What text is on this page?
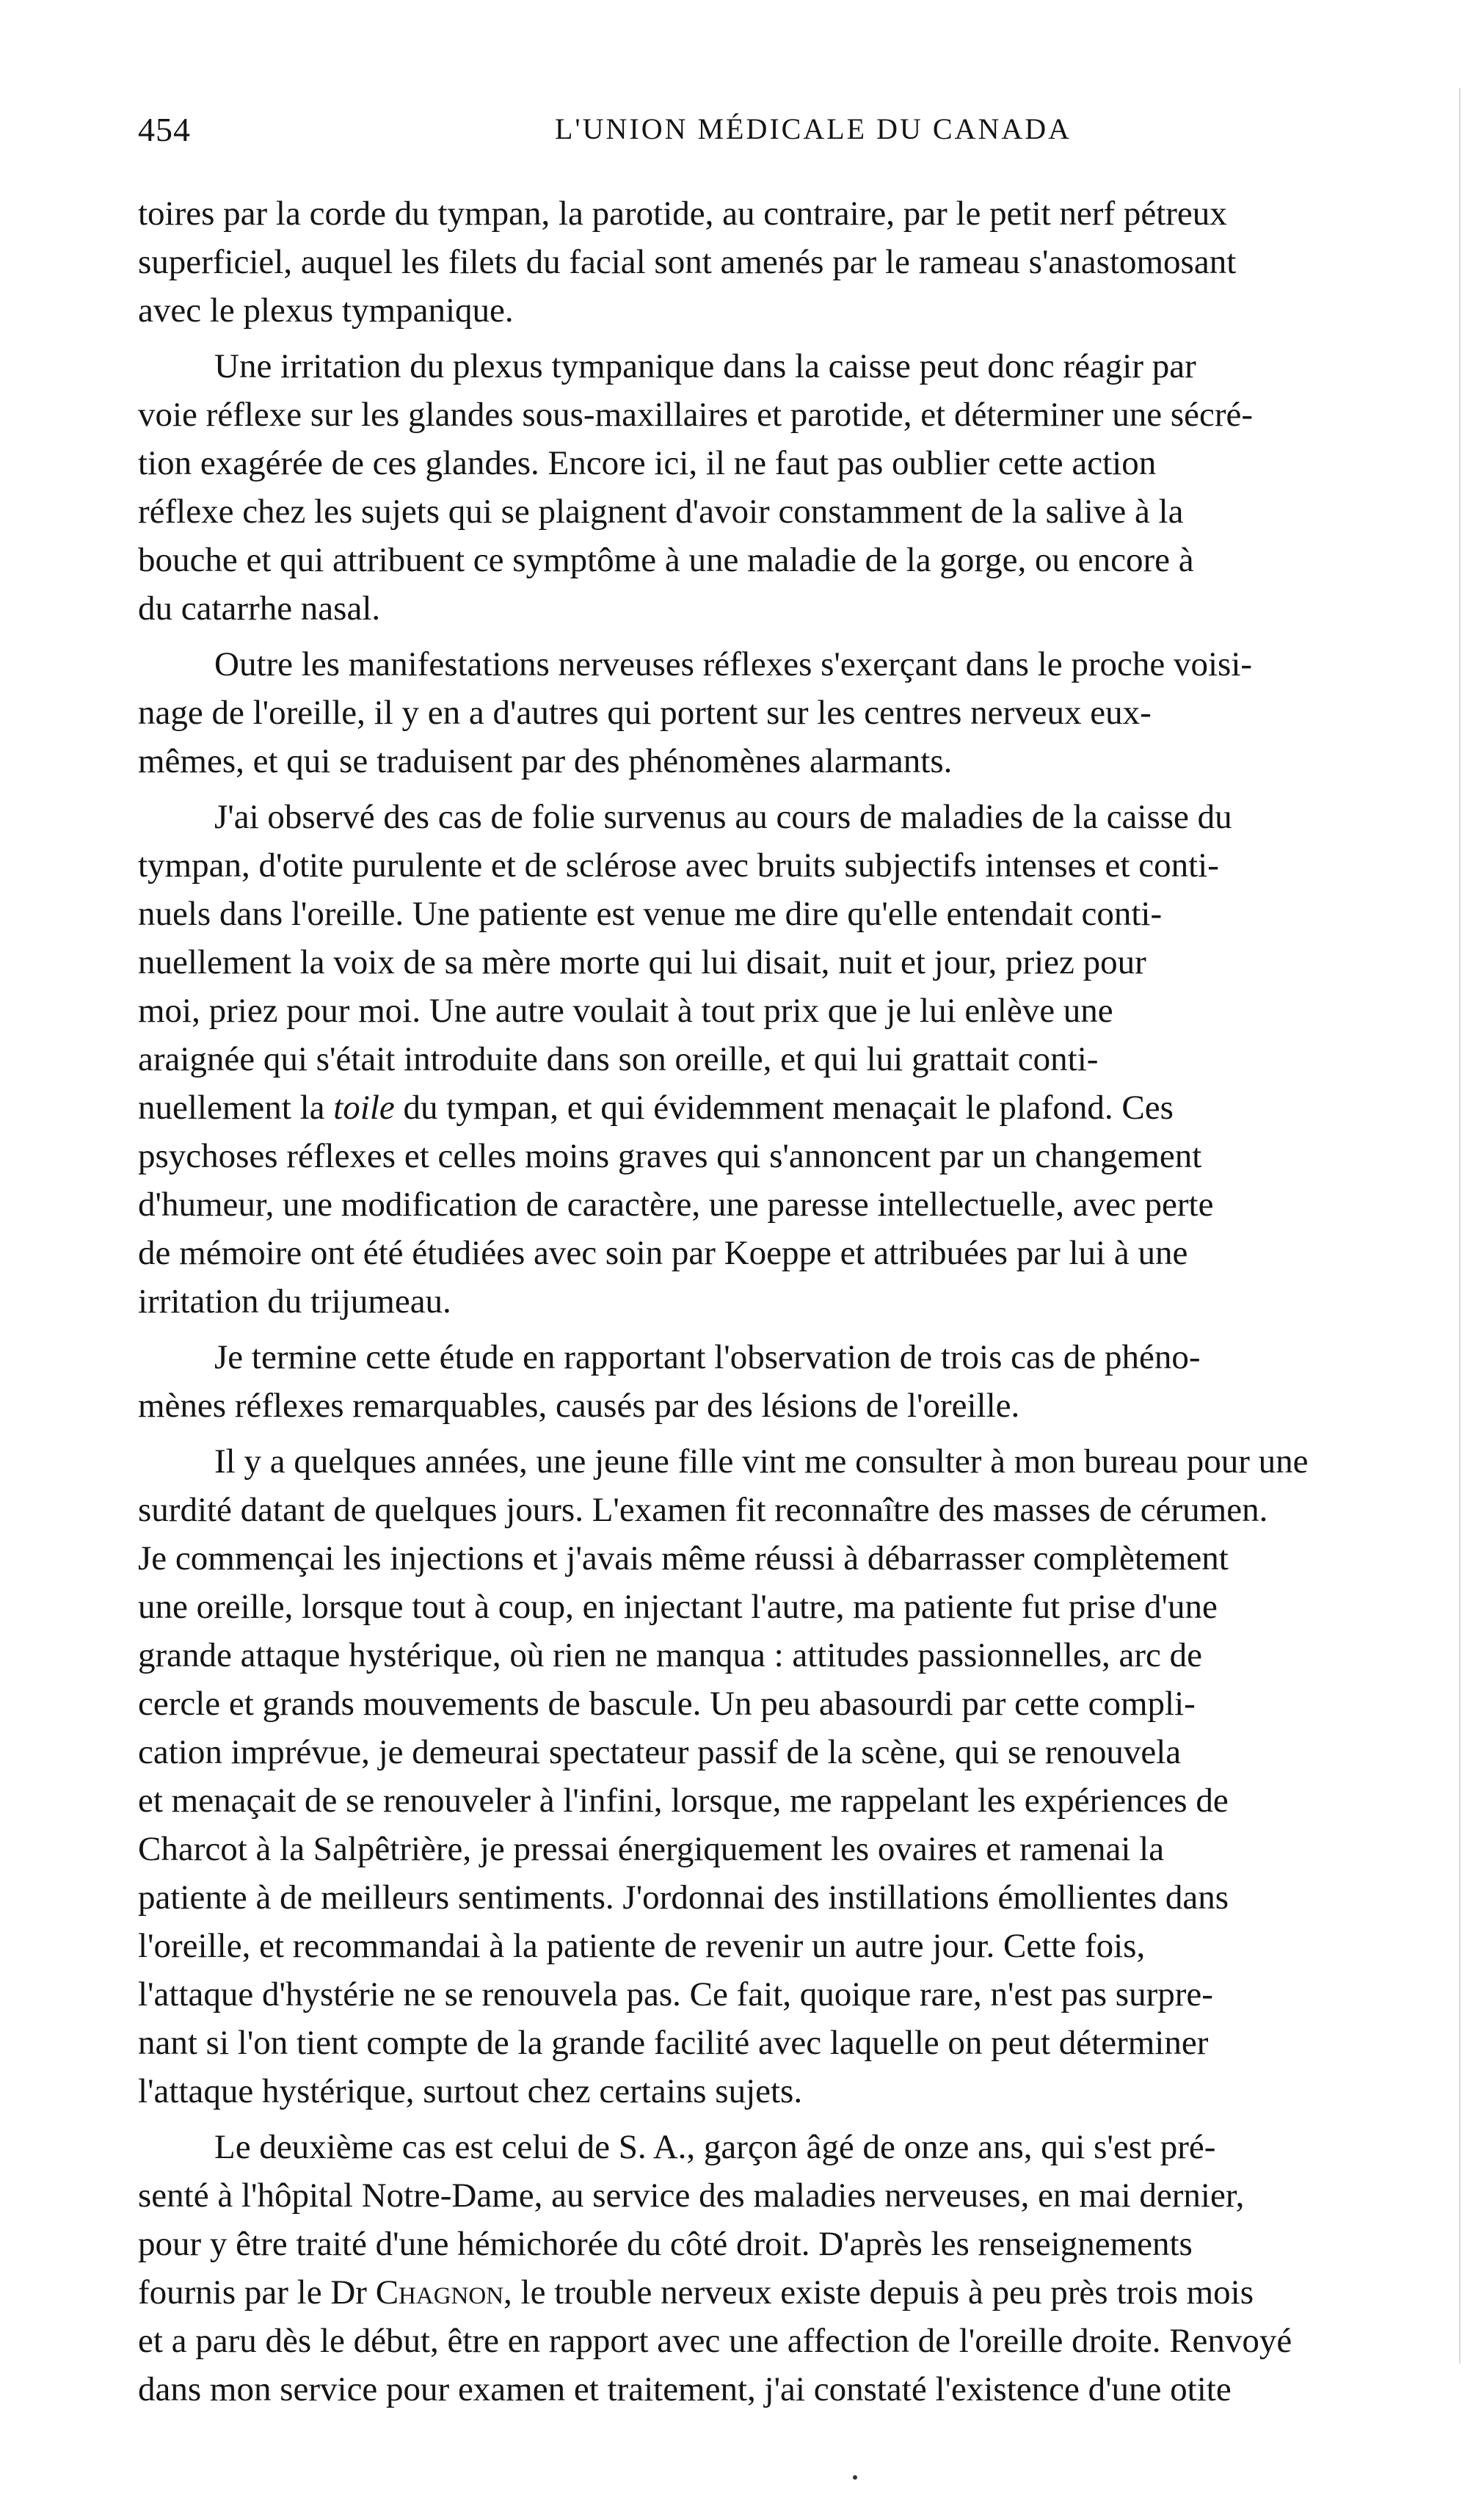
454	L'UNION MÉDICALE DU CANADA
toires par la corde du tympan, la parotide, au contraire, par le petit nerf pétreux
superficiel, auquel les filets du facial sont amenés par le rameau s'anastomosant
avec le plexus tympanique.
Une irritation du plexus tympanique dans la caisse peut donc réagir par
voie réflexe sur les glandes sous-maxillaires et parotide, et déterminer une sécré-
tion exagérée de ces glandes. Encore ici, il ne faut pas oublier cette action
réflexe chez les sujets qui se plaignent d'avoir constamment de la salive à la
bouche et qui attribuent ce symptôme à une maladie de la gorge, ou encore à
du catarrhe nasal.
Outre les manifestations nerveuses réflexes s'exerçant dans le proche voisi-
nage de l'oreille, il y en a d'autres qui portent sur les centres nerveux eux-
mêmes, et qui se traduisent par des phénomènes alarmants.
J'ai observé des cas de folie survenus au cours de maladies de la caisse du
tympan, d'otite purulente et de sclérose avec bruits subjectifs intenses et conti-
nuels dans l'oreille. Une patiente est venue me dire qu'elle entendait conti-
nuellement la voix de sa mère morte qui lui disait, nuit et jour, priez pour
moi, priez pour moi. Une autre voulait à tout prix que je lui enlève une
araignée qui s'était introduite dans son oreille, et qui lui grattait conti-
nuellement la toile du tympan, et qui évidemment menaçait le plafond. Ces
psychoses réflexes et celles moins graves qui s'annoncent par un changement
d'humeur, une modification de caractère, une paresse intellectuelle, avec perte
de mémoire ont été étudiées avec soin par Koeppe et attribuées par lui à une
irritation du trijumeau.
Je termine cette étude en rapportant l'observation de trois cas de phéno-
mènes réflexes remarquables, causés par des lésions de l'oreille.
Il y a quelques années, une jeune fille vint me consulter à mon bureau pour une
surdité datant de quelques jours. L'examen fit reconnaître des masses de cérumen.
Je commençai les injections et j'avais même réussi à débarrasser complètement
une oreille, lorsque tout à coup, en injectant l'autre, ma patiente fut prise d'une
grande attaque hystérique, où rien ne manqua : attitudes passionnelles, arc de
cercle et grands mouvements de bascule. Un peu abasourdi par cette compli-
cation imprévue, je demeurai spectateur passif de la scène, qui se renouvela
et menaçait de se renouveler à l'infini, lorsque, me rappelant les expériences de
Charcot à la Salpêtrière, je pressai énergiquement les ovaires et ramenai la
patiente à de meilleurs sentiments. J'ordonnai des instillations émollientes dans
l'oreille, et recommandai à la patiente de revenir un autre jour. Cette fois,
l'attaque d'hystérie ne se renouvela pas. Ce fait, quoique rare, n'est pas surpre-
nant si l'on tient compte de la grande facilité avec laquelle on peut déterminer
l'attaque hystérique, surtout chez certains sujets.
Le deuxième cas est celui de S. A., garçon âgé de onze ans, qui s'est pré-
senté à l'hôpital Notre-Dame, au service des maladies nerveuses, en mai dernier,
pour y être traité d'une hémichorée du côté droit. D'après les renseignements
fournis par le Dr Chagnon, le trouble nerveux existe depuis à peu près trois mois
et a paru dès le début, être en rapport avec une affection de l'oreille droite. Renvoyé
dans mon service pour examen et traitement, j'ai constaté l'existence d'une otite
